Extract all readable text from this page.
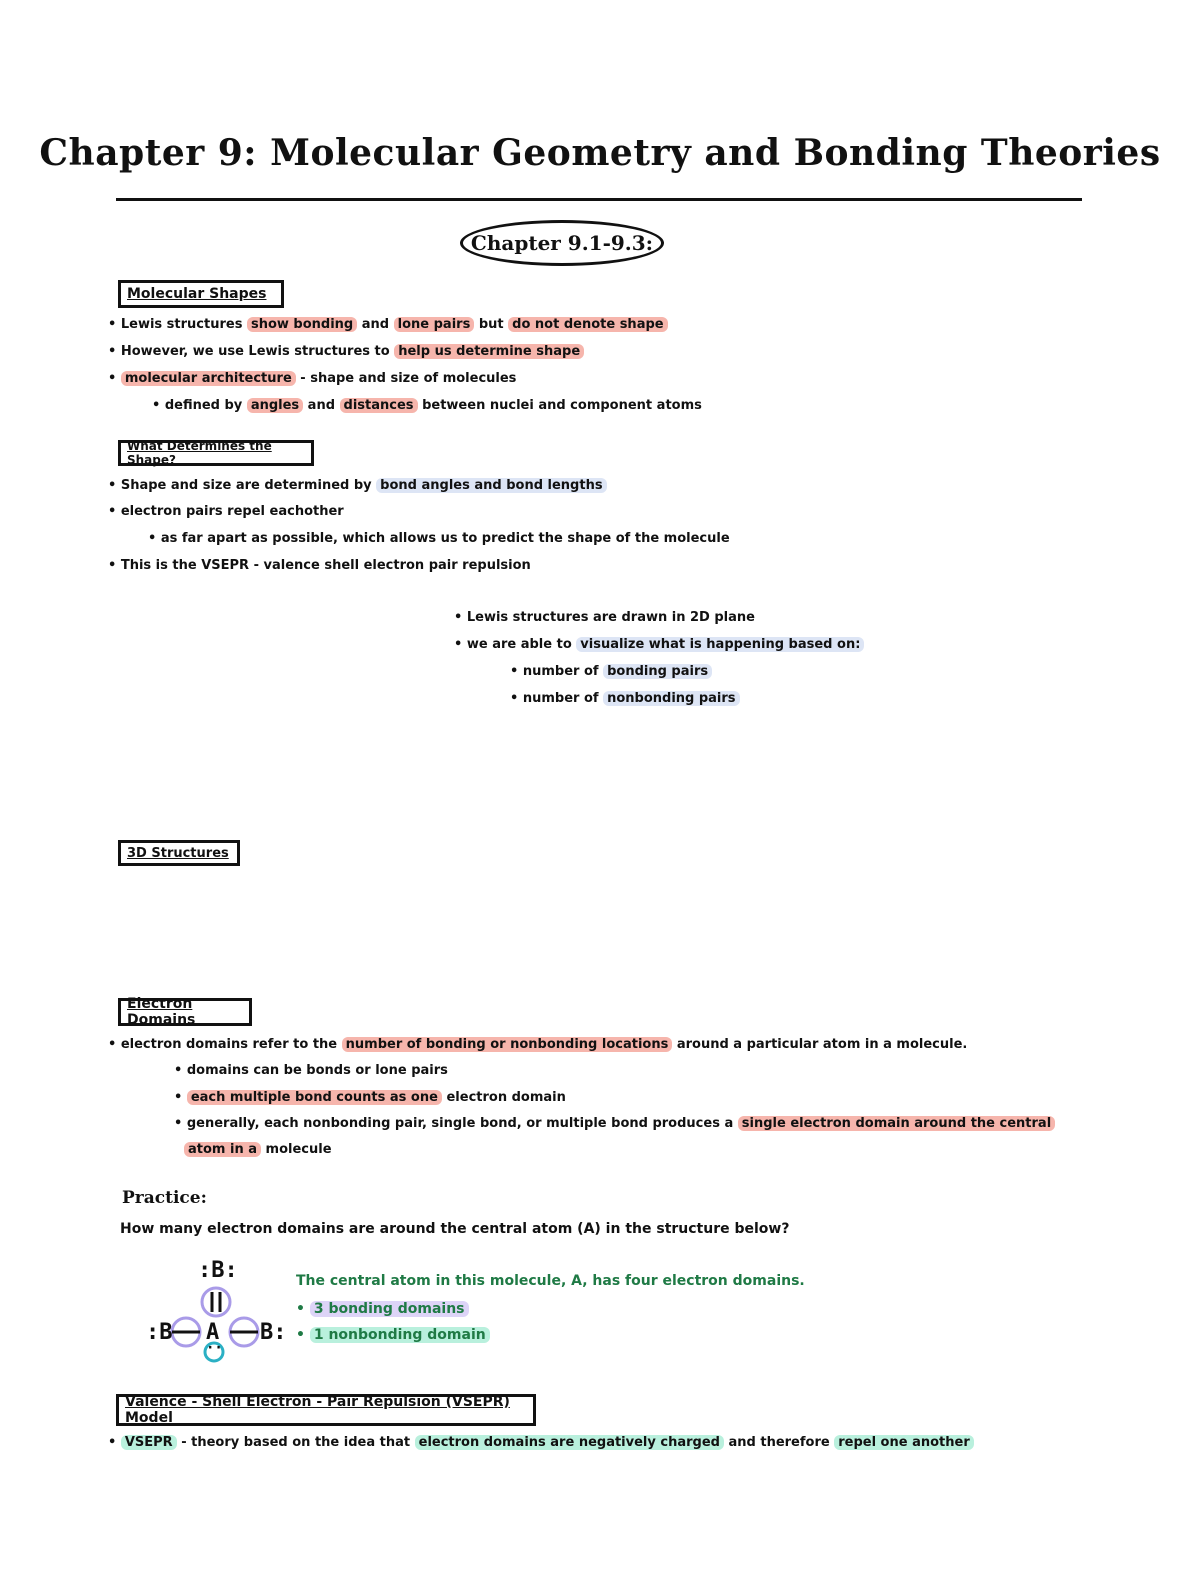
Chapter 9: Molecular Geometry and Bonding Theories
Chapter 9.1-9.3:
Molecular Shapes
• Lewis structures show bonding and lone pairs but do not denote shape
• However, we use Lewis structures to help us determine shape
• molecular architecture - shape and size of molecules
• defined by angles and distances between nuclei and component atoms
What Determines the Shape?
• Shape and size are determined by bond angles and bond lengths
• electron pairs repel eachother
• as far apart as possible, which allows us to predict the shape of the molecule
• This is the VSEPR - valence shell electron pair repulsion
• Lewis structures are drawn in 2D plane
• we are able to visualize what is happening based on:
• number of bonding pairs
• number of nonbonding pairs
3D Structures
Electron Domains
• electron domains refer to the number of bonding or nonbonding locations around a particular atom in a molecule.
• domains can be bonds or lone pairs
• each multiple bond counts as one electron domain
• generally, each nonbonding pair, single bond, or multiple bond produces a single electron domain around the central
atom in a molecule
Practice:
How many electron domains are around the central atom (A) in the structure below?
:B:
:B A B:
··
The central atom in this molecule, A, has four electron domains.
• 3 bonding domains
• 1 nonbonding domain
Valence - Shell Electron - Pair Repulsion (VSEPR) Model
• VSEPR - theory based on the idea that electron domains are negatively charged and therefore repel one another
